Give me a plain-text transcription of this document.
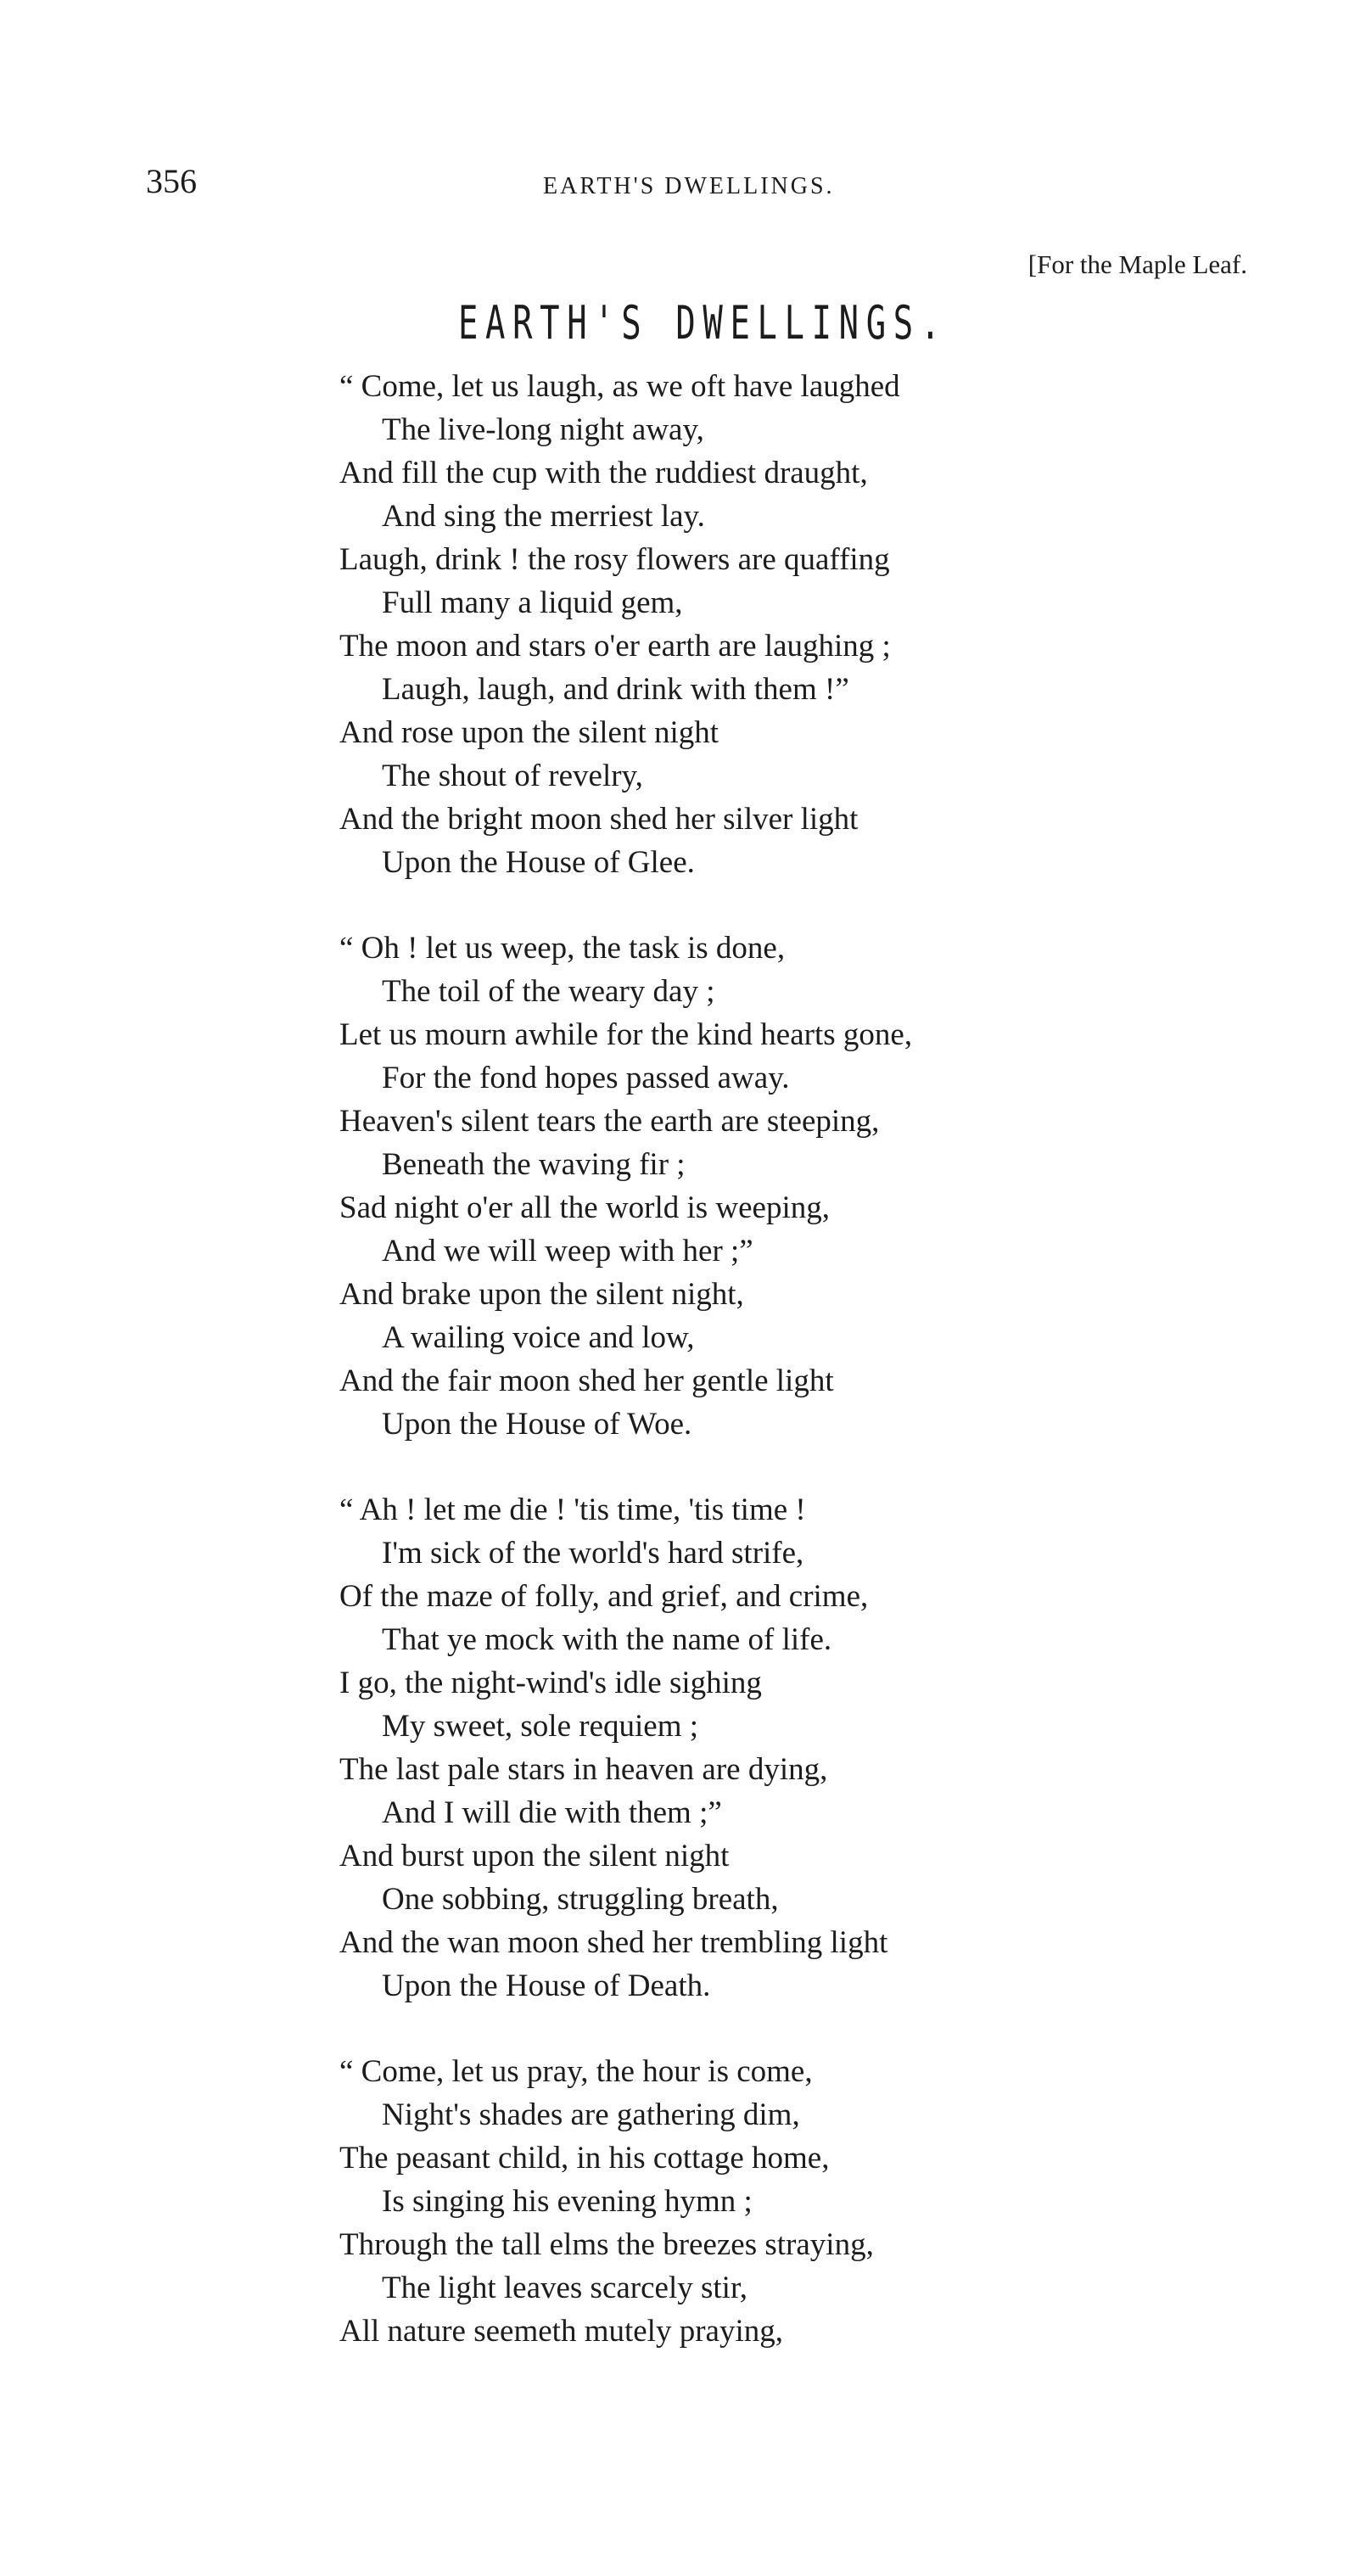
356	EARTH'S DWELLINGS.
[For the Maple Leaf.
EARTH'S DWELLINGS.
“ Come, let us laugh, as we oft have laughed
The live-long night away,
And fill the cup with the ruddiest draught,
And sing the merriest lay.
Laugh, drink ! the rosy flowers are quaffing
Full many a liquid gem,
The moon and stars o'er earth are laughing ;
Laugh, laugh, and drink with them !”
And rose upon the silent night
The shout of revelry,
And the bright moon shed her silver light
Upon the House of Glee.
“ Oh ! let us weep, the task is done,
The toil of the weary day ;
Let us mourn awhile for the kind hearts gone,
For the fond hopes passed away.
Heaven's silent tears the earth are steeping,
Beneath the waving fir ;
Sad night o'er all the world is weeping,
And we will weep with her ;”
And brake upon the silent night,
A wailing voice and low,
And the fair moon shed her gentle light
Upon the House of Woe.
“ Ah ! let me die ! 'tis time, 'tis time !
I'm sick of the world's hard strife,
Of the maze of folly, and grief, and crime,
That ye mock with the name of life.
I go, the night-wind's idle sighing
My sweet, sole requiem ;
The last pale stars in heaven are dying,
And I will die with them ;”
And burst upon the silent night
One sobbing, struggling breath,
And the wan moon shed her trembling light
Upon the House of Death.
“ Come, let us pray, the hour is come,
Night's shades are gathering dim,
The peasant child, in his cottage home,
Is singing his evening hymn ;
Through the tall elms the breezes straying,
The light leaves scarcely stir,
All nature seemeth mutely praying,
